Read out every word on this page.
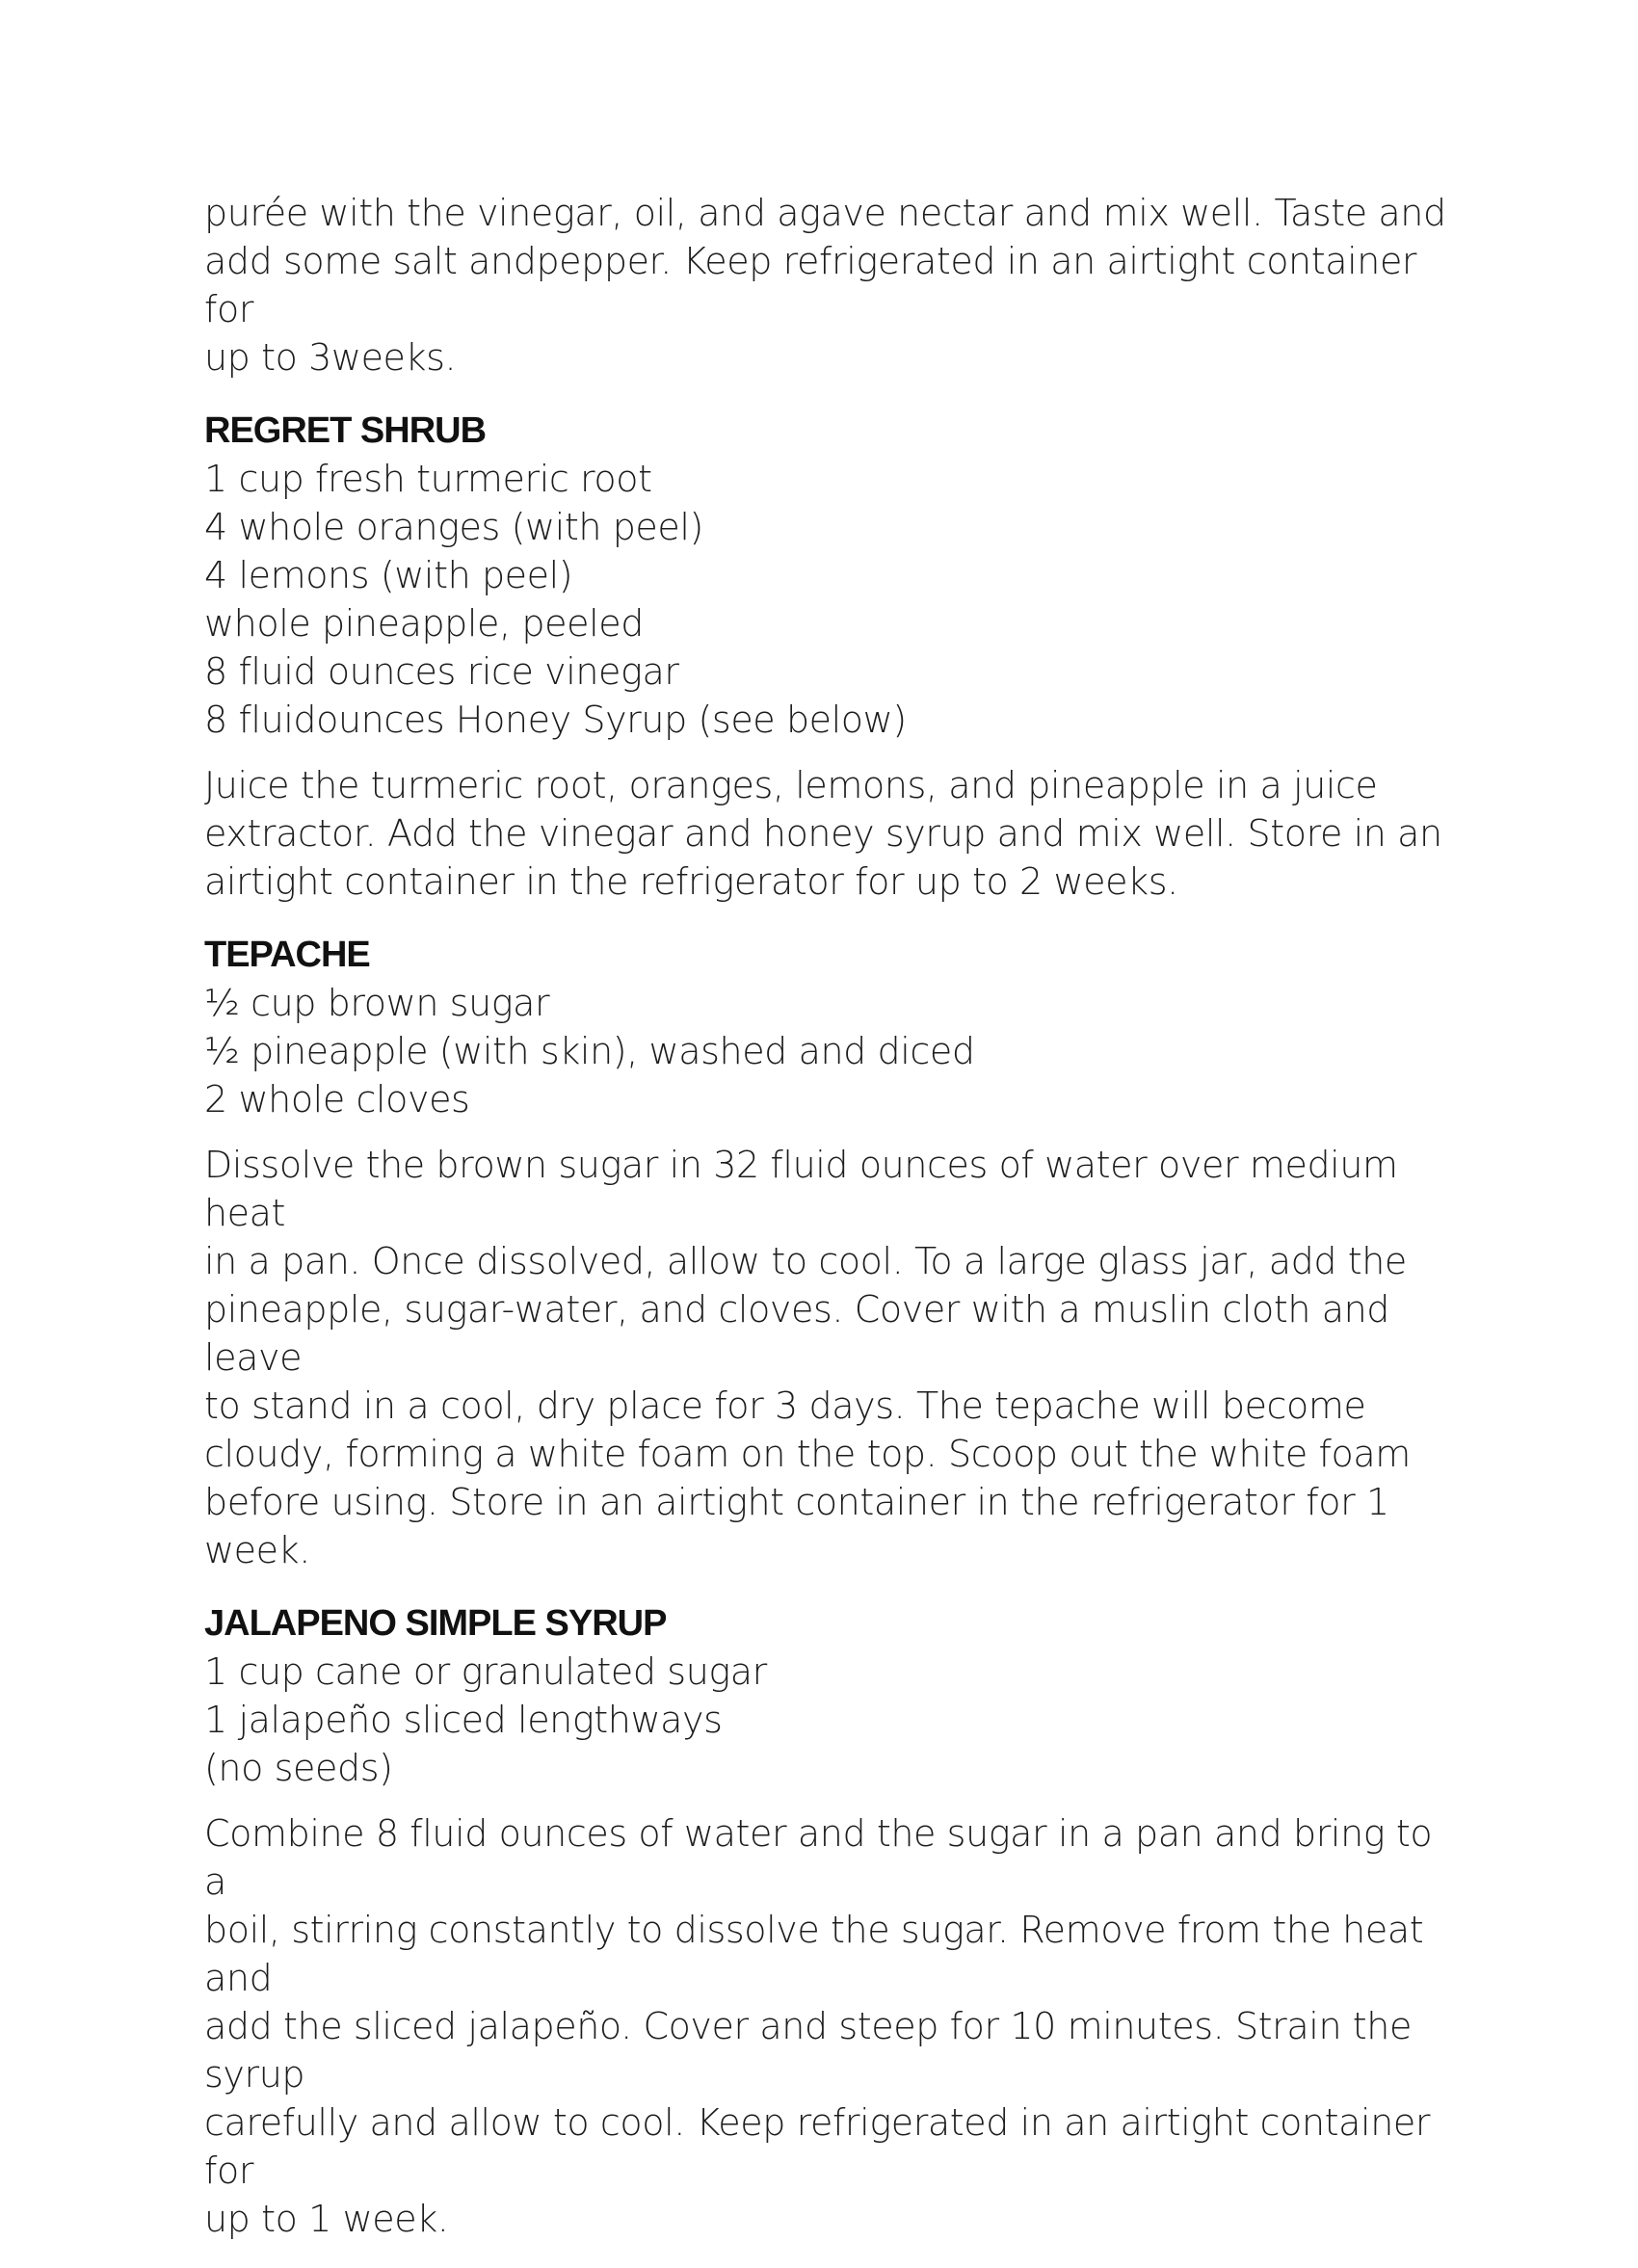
purée with the vinegar, oil, and agave nectar and mix well. Taste and
add some salt andpepper. Keep refrigerated in an airtight container for
up to 3weeks.

REGRET SHRUB
1 cup fresh turmeric root
4 whole oranges (with peel)
4 lemons (with peel)
whole pineapple, peeled
8 fluid ounces rice vinegar
8 fluidounces Honey Syrup (see below)

Juice the turmeric root, oranges, lemons, and pineapple in a juice
extractor. Add the vinegar and honey syrup and mix well. Store in an
airtight container in the refrigerator for up to 2 weeks.

TEPACHE
½ cup brown sugar
½ pineapple (with skin), washed and diced
2 whole cloves

Dissolve the brown sugar in 32 fluid ounces of water over medium heat
in a pan. Once dissolved, allow to cool. To a large glass jar, add the
pineapple, sugar-water, and cloves. Cover with a muslin cloth and leave
to stand in a cool, dry place for 3 days. The tepache will become
cloudy, forming a white foam on the top. Scoop out the white foam
before using. Store in an airtight container in the refrigerator for 1 week.

JALAPENO SIMPLE SYRUP
1 cup cane or granulated sugar
1 jalapeño sliced lengthways
(no seeds)

Combine 8 fluid ounces of water and the sugar in a pan and bring to a
boil, stirring constantly to dissolve the sugar. Remove from the heat and
add the sliced jalapeño. Cover and steep for 10 minutes. Strain the syrup
carefully and allow to cool. Keep refrigerated in an airtight container for
up to 1 week.
